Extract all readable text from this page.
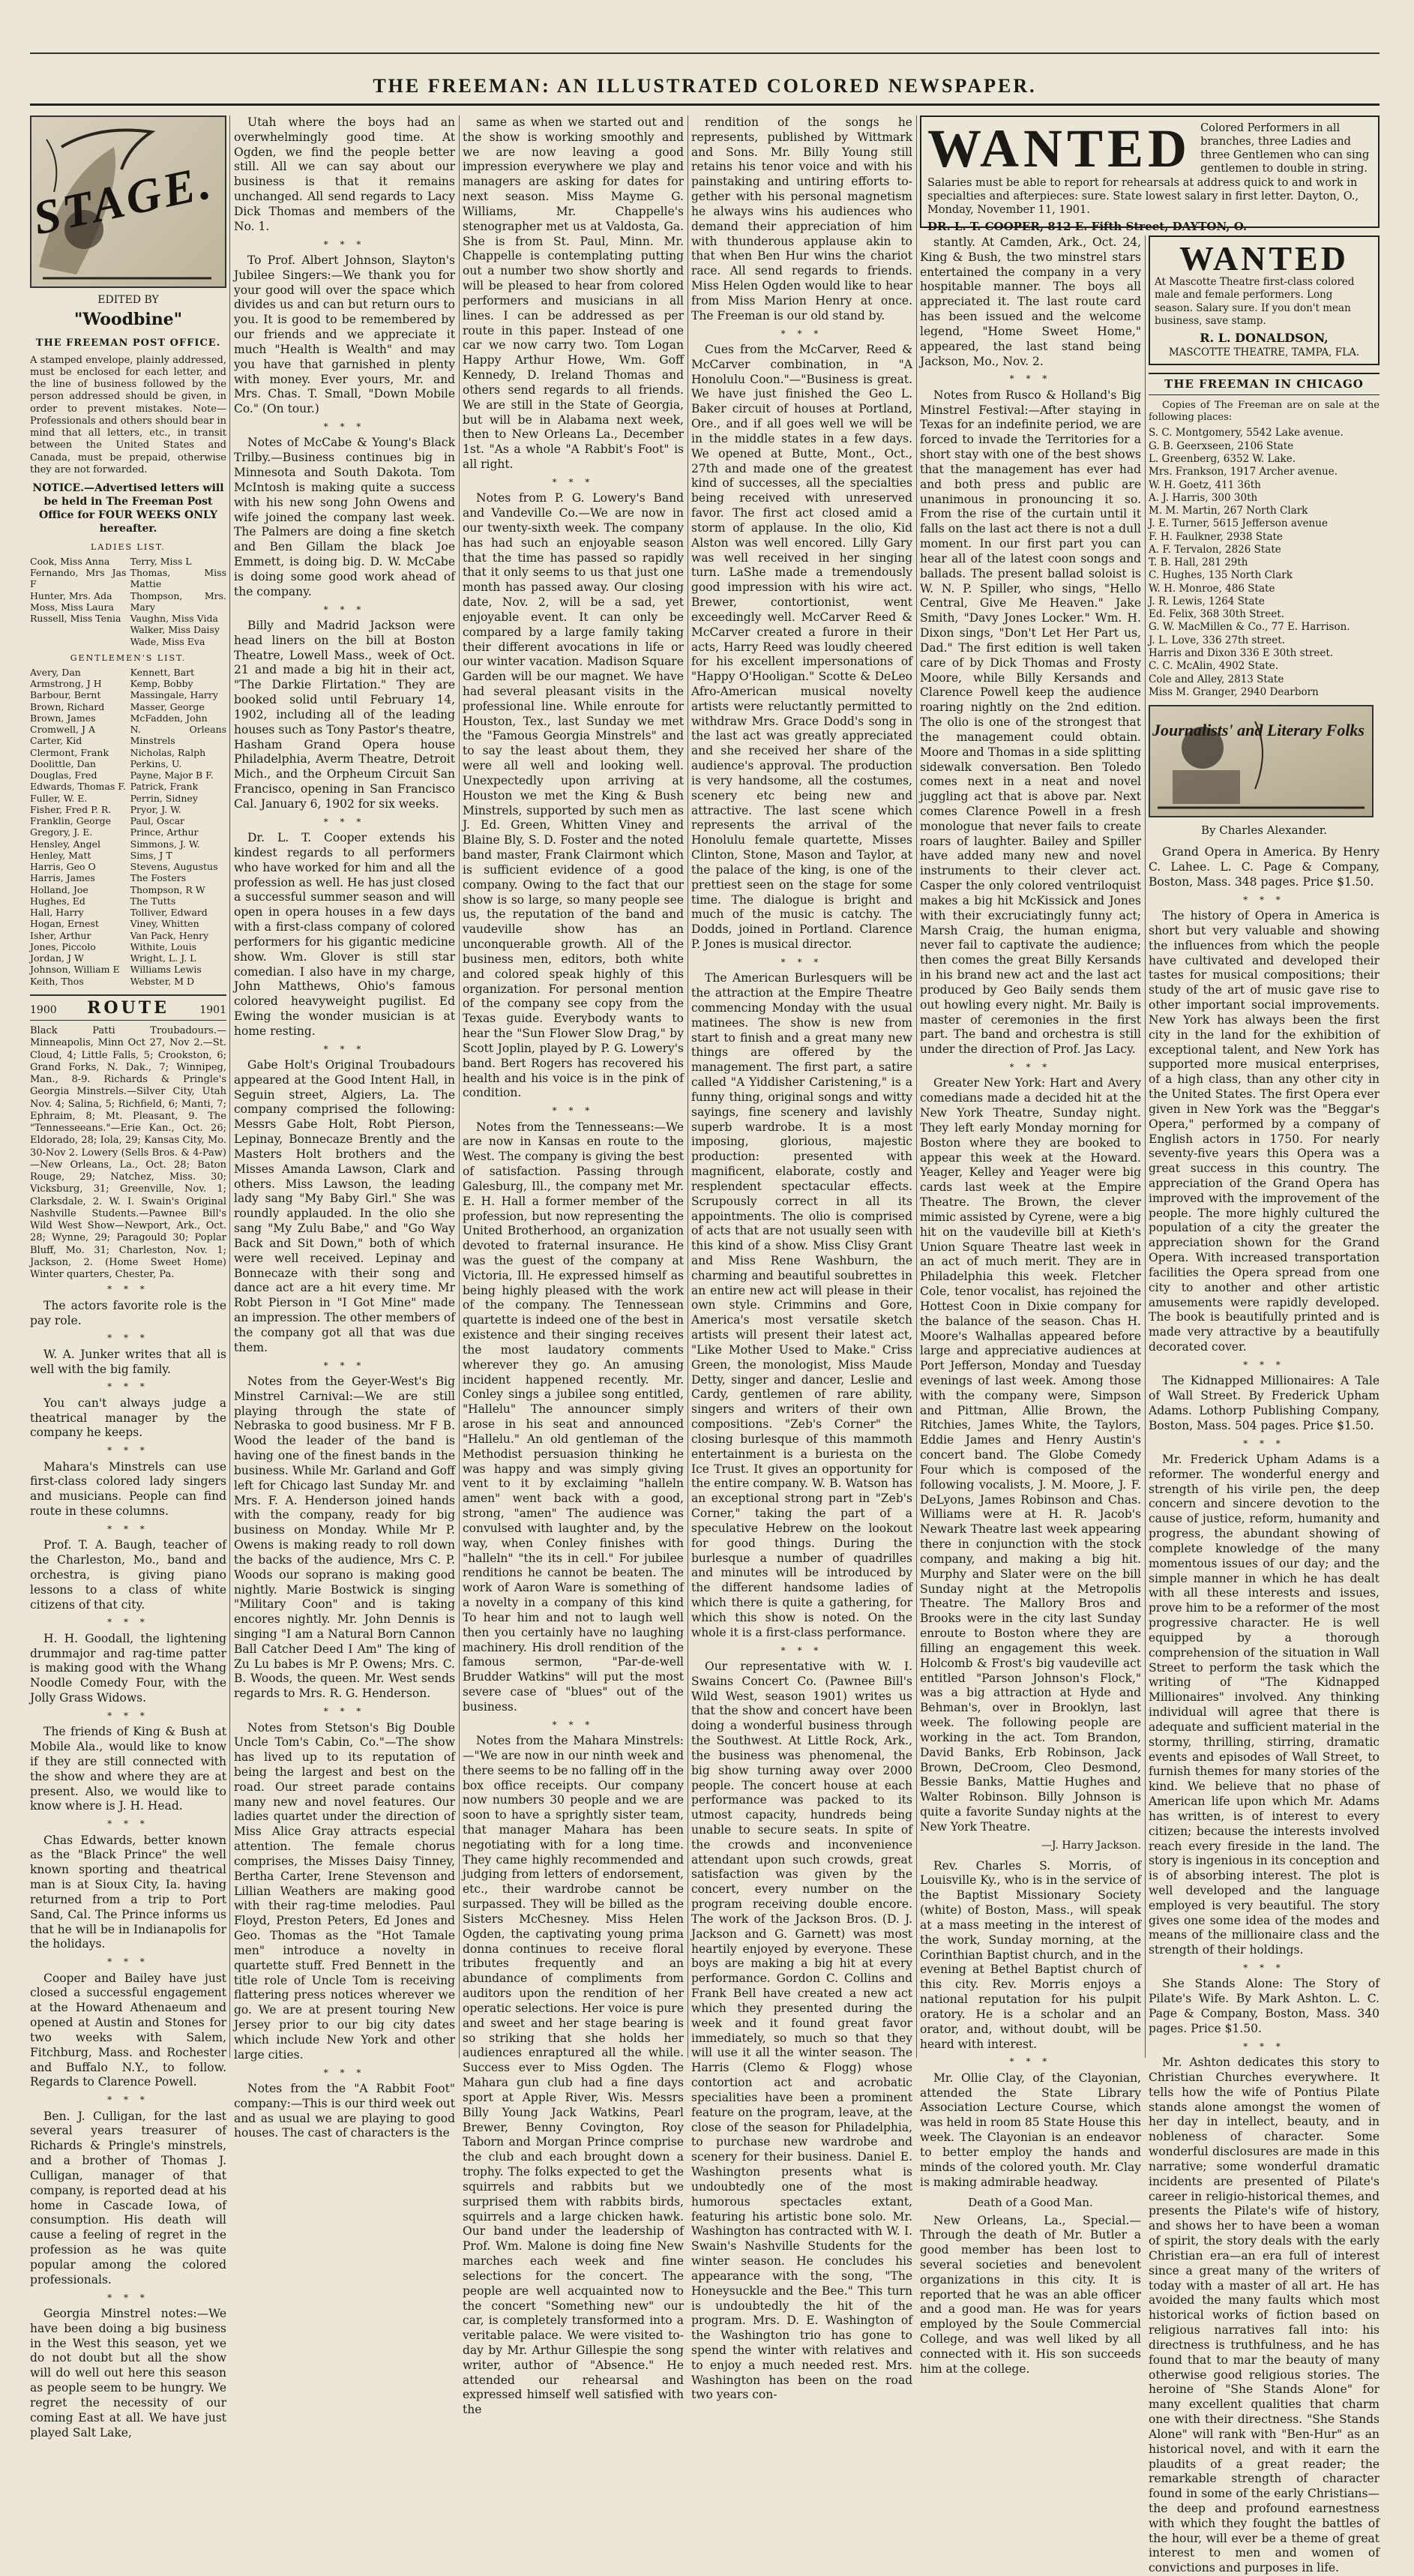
THE FREEMAN: AN ILLUSTRATED COLORED NEWSPAPER.
STAGE.
EDITED BY
"Woodbine"
THE FREEMAN POST OFFICE.
A stamped envelope, plainly addressed, must be enclosed for each letter, and the line of business followed by the person addressed should be given, in order to prevent mistakes. Note—Professionals and others should bear in mind that all letters, etc., in transit between the United States and Canada, must be prepaid, otherwise they are not forwarded.
NOTICE.—Advertised letters will be held in The Freeman Post Office for FOUR WEEKS ONLY hereafter.
LADIES LIST.
Cook, Miss Anna
Fernando, Mrs Jas F
Hunter, Mrs. Ada
Moss, Miss Laura
Russell, Miss Tenia
Terry, Miss L
Thomas, Miss Mattie
Thompson, Mrs. Mary
Vaughn, Miss Vida
Walker, Miss Daisy
Wade, Miss Eva
GENTLEMEN'S LIST.
Avery, Dan
Armstrong, J H
Barbour, Bernt
Brown, Richard
Brown, James
Cromwell, J A
Carter, Kid
Clermont, Frank
Doolittle, Dan
Douglas, Fred
Edwards, Thomas F.
Fuller, W. E.
Fisher, Fred P. R.
Franklin, George
Gregory, J. E.
Hensley, Angel
Henley, Matt
Harris, Geo O
Harris, James
Holland, Joe
Hughes, Ed
Hall, Harry
Hogan, Ernest
Isher, Arthur
Jones, Piccolo
Jordan, J W
Johnson, William E
Keith, Thos
Kennett, Bart
Kemp, Bobby
Massingale, Harry
Masser, George
McFadden, John
N. Orleans Minstrels
Nicholas, Ralph
Perkins, U.
Payne, Major B F.
Patrick, Frank
Perrin, Sidney
Pryor, J. W.
Paul, Oscar
Prince, Arthur
Simmons, J. W.
Sims, J T
Stevens, Augustus
The Fosters
Thompson, R W
The Tutts
Tolliver, Edward
Viney, Whitten
Van Pack, Henry
Withite, Louis
Wright, L. J. L
Williams Lewis
Webster, M D
1900 ROUTE	1901
Black Patti Troubadours.—Minneapolis, Minn Oct 27, Nov 2.—St. Cloud, 4; Little Falls, 5; Crookston, 6; Grand Forks, N. Dak., 7; Winnipeg, Man., 8-9. Richards & Pringle's Georgia Minstrels.—Silver City, Utah Nov. 4; Salina, 5; Richfield, 6; Manti, 7; Ephraim, 8; Mt. Pleasant, 9. The "Tennesseeans."—Erie Kan., Oct. 26; Eldorado, 28; Iola, 29; Kansas City, Mo. 30-Nov 2. Lowery (Sells Bros. & 4-Paw)—New Orleans, La., Oct. 28; Baton Rouge, 29; Natchez, Miss. 30; Vicksburg, 31; Greenville, Nov. 1; Clarksdale, 2. W. I. Swain's Original Nashville Students.—Pawnee Bill's Wild West Show—Newport, Ark., Oct. 28; Wynne, 29; Paragould 30; Poplar Bluff, Mo. 31; Charleston, Nov. 1; Jackson, 2. (Home Sweet Home) Winter quarters, Chester, Pa.
* * *

The actors favorite role is the pay role.

* * *

W. A. Junker writes that all is well with the big family.

* * *

You can't always judge a theatrical manager by the company he keeps.

* * *

Mahara's Minstrels can use first-class colored lady singers and musicians. People can find route in these columns.

* * *

Prof. T. A. Baugh, teacher of the Charleston, Mo., band and orchestra, is giving piano lessons to a class of white citizens of that city.

* * *

H. H. Goodall, the lightening drummajor and rag-time patter is making good with the Whang Noodle Comedy Four, with the Jolly Grass Widows.

* * *

The friends of King & Bush at Mobile Ala., would like to know if they are still connected with the show and where they are at present. Also, we would like to know where is J. H. Head.

* * *

Chas Edwards, better known as the "Black Prince" the well known sporting and theatrical man is at Sioux City, Ia. having returned from a trip to Port Sand, Cal. The Prince informs us that he will be in Indianapolis for the holidays.

* * *

Cooper and Bailey have just closed a successful engagement at the Howard Athenaeum and opened at Austin and Stones for two weeks with Salem, Fitchburg, Mass. and Rochester and Buffalo N.Y., to follow. Regards to Clarence Powell.

* * *

Ben. J. Culligan, for the last several years treasurer of Richards & Pringle's minstrels, and a brother of Thomas J. Culligan, manager of that company, is reported dead at his home in Cascade Iowa, of consumption. His death will cause a feeling of regret in the profession as he was quite popular among the colored professionals.

* * *

Georgia Minstrel notes:—We have been doing a big business in the West this season, yet we do not doubt but all the show will do well out here this season as people seem to be hungry. We regret the necessity of our coming East at all. We have just played Salt Lake,

Utah where the boys had an overwhelmingly good time. At Ogden, we find the people better still. All we can say about our business is that it remains unchanged. All send regards to Lacy Dick Thomas and members of the No. 1.

* * *

To Prof. Albert Johnson, Slayton's Jubilee Singers:—We thank you for your good will over the space which divides us and can but return ours to you. It is good to be remembered by our friends and we appreciate it much "Health is Wealth" and may you have that garnished in plenty with money. Ever yours, Mr. and Mrs. Chas. T. Small, "Down Mobile Co." (On tour.)

* * *

Notes of McCabe & Young's Black Trilby.—Business continues big in Minnesota and South Dakota. Tom McIntosh is making quite a success with his new song John Owens and wife joined the company last week. The Palmers are doing a fine sketch and Ben Gillam the black Joe Emmett, is doing big. D. W. McCabe is doing some good work ahead of the company.

* * *

Billy and Madrid Jackson were head liners on the bill at Boston Theatre, Lowell Mass., week of Oct. 21 and made a big hit in their act, "The Darkie Flirtation." They are booked solid until February 14, 1902, including all of the leading houses such as Tony Pastor's theatre, Hasham Grand Opera house Philadelphia, Averm Theatre, Detroit Mich., and the Orpheum Circuit San Francisco, opening in San Francisco Cal. January 6, 1902 for six weeks.

* * *

Dr. L. T. Cooper extends his kindest regards to all performers who have worked for him and all the profession as well. He has just closed a successful summer season and will open in opera houses in a few days with a first-class company of colored performers for his gigantic medicine show. Wm. Glover is still star comedian. I also have in my charge, John Matthews, Ohio's famous colored heavyweight pugilist. Ed Ewing the wonder musician is at home resting.

* * *

Gabe Holt's Original Troubadours appeared at the Good Intent Hall, in Seguin street, Algiers, La. The company comprised the following: Messrs Gabe Holt, Robt Pierson, Lepinay, Bonnecaze Brently and the Masters Holt brothers and the Misses Amanda Lawson, Clark and others. Miss Lawson, the leading lady sang "My Baby Girl." She was roundly applauded. In the olio she sang "My Zulu Babe," and "Go Way Back and Sit Down," both of which were well received. Lepinay and Bonnecaze with their song and dance act are a hit every time. Mr Robt Pierson in "I Got Mine" made an impression. The other members of the company got all that was due them.

* * *

Notes from the Geyer-West's Big Minstrel Carnival:—We are still playing through the state of Nebraska to good business. Mr F B. Wood the leader of the band is having one of the finest bands in the business. While Mr. Garland and Goff left for Chicago last Sunday Mr. and Mrs. F. A. Henderson joined hands with the company, ready for big business on Monday. While Mr P. Owens is making ready to roll down the backs of the audience, Mrs C. P. Woods our soprano is making good nightly. Marie Bostwick is singing "Military Coon" and is taking encores nightly. Mr. John Dennis is singing "I am a Natural Born Cannon Ball Catcher Deed I Am" The king of Zu Lu babes is Mr P. Owens; Mrs. C. B. Woods, the queen. Mr. West sends regards to Mrs. R. G. Henderson.

* * *

Notes from Stetson's Big Double Uncle Tom's Cabin, Co."—The show has lived up to its reputation of being the largest and best on the road. Our street parade contains many new and novel features. Our ladies quartet under the direction of Miss Alice Gray attracts especial attention. The female chorus comprises, the Misses Daisy Tinney, Bertha Carter, Irene Stevenson and Lillian Weathers are making good with their rag-time melodies. Paul Floyd, Preston Peters, Ed Jones and Geo. Thomas as the "Hot Tamale men" introduce a novelty in quartette stuff. Fred Bennett in the title role of Uncle Tom is receiving flattering press notices wherever we go. We are at present touring New Jersey prior to our big city dates which include New York and other large cities.

* * *

Notes from the "A Rabbit Foot" company:—This is our third week out and as usual we are playing to good houses. The cast of characters is the

same as when we started out and the show is working smoothly and we are now leaving a good impression everywhere we play and managers are asking for dates for next season. Miss Mayme G. Williams, Mr. Chappelle's stenographer met us at Valdosta, Ga. She is from St. Paul, Minn. Mr. Chappelle is contemplating putting out a number two show shortly and will be pleased to hear from colored performers and musicians in all lines. I can be addressed as per route in this paper. Instead of one car we now carry two. Tom Logan Happy Arthur Howe, Wm. Goff Kennedy, D. Ireland Thomas and others send regards to all friends. We are still in the State of Georgia, but will be in Alabama next week, then to New Orleans La., December 1st. "As a whole "A Rabbit's Foot" is all right.

* * *

Notes from P. G. Lowery's Band and Vandeville Co.—We are now in our twenty-sixth week. The company has had such an enjoyable season that the time has passed so rapidly that it only seems to us that just one month has passed away. Our closing date, Nov. 2, will be a sad, yet enjoyable event. It can only be compared by a large family taking their different avocations in life or our winter vacation. Madison Square Garden will be our magnet. We have had several pleasant visits in the professional line. While enroute for Houston, Tex., last Sunday we met the "Famous Georgia Minstrels" and to say the least about them, they were all well and looking well. Unexpectedly upon arriving at Houston we met the King & Bush Minstrels, supported by such men as J. Ed. Green, Whitten Viney and Blaine Bly, S. D. Foster and the noted band master, Frank Clairmont which is sufficient evidence of a good company. Owing to the fact that our show is so large, so many people see us, the reputation of the band and vaudeville show has an unconquerable growth. All of the business men, editors, both white and colored speak highly of this organization. For personal mention of the company see copy from the Texas guide. Everybody wants to hear the "Sun Flower Slow Drag," by Scott Joplin, played by P. G. Lowery's band. Bert Rogers has recovered his health and his voice is in the pink of condition.

* * *

Notes from the Tennesseans:—We are now in Kansas en route to the West. The company is giving the best of satisfaction. Passing through Galesburg, Ill., the company met Mr. E. H. Hall a former member of the profession, but now representing the United Brotherhood, an organization devoted to fraternal insurance. He was the guest of the company at Victoria, Ill. He expressed himself as being highly pleased with the work of the company. The Tennessean quartette is indeed one of the best in existence and their singing receives the most laudatory comments wherever they go. An amusing incident happened recently. Mr. Conley sings a jubilee song entitled, "Hallelu" The announcer simply arose in his seat and announced "Hallelu." An old gentleman of the Methodist persuasion thinking he was happy and was simply giving vent to it by exclaiming "halleln amen" went back with a good, strong, "amen" The audience was convulsed with laughter and, by the way, when Conley finishes with "halleln" "the its in cell." For jubilee renditions he cannot be beaten. The work of Aaron Ware is something of a novelty in a company of this kind To hear him and not to laugh well then you certainly have no laughing machinery. His droll rendition of the famous sermon, "Par-de-well Brudder Watkins" will put the most severe case of "blues" out of the business.

* * *

Notes from the Mahara Minstrels:—"We are now in our ninth week and there seems to be no falling off in the box office receipts. Our company now numbers 30 people and we are soon to have a sprightly sister team, that manager Mahara has been negotiating with for a long time. They came highly recommended and judging from letters of endorsement, etc., their wardrobe cannot be surpassed. They will be billed as the Sisters McChesney. Miss Helen Ogden, the captivating young prima donna continues to receive floral tributes frequently and an abundance of compliments from auditors upon the rendition of her operatic selections. Her voice is pure and sweet and her stage bearing is so striking that she holds her audiences enraptured all the while. Success ever to Miss Ogden. The Mahara gun club had a fine days sport at Apple River, Wis. Messrs Billy Young Jack Watkins, Pearl Brewer, Benny Covington, Roy Taborn and Morgan Prince comprise the club and each brought down a trophy. The folks expected to get the squirrels and rabbits but we surprised them with rabbits birds, squirrels and a large chicken hawk. Our band under the leadership of Prof. Wm. Malone is doing fine New marches each week and fine selections for the concert. The people are well acquainted now to the concert "Something new" our car, is completely transformed into a veritable palace. We were visited to-day by Mr. Arthur Gillespie the song writer, author of "Absence." He attended our rehearsal and expressed himself well satisfied with the

rendition of the songs he represents, published by Wittmark and Sons. Mr. Billy Young still retains his tenor voice and with his painstaking and untiring efforts to-gether with his personal magnetism he always wins his audiences who demand their appreciation of him with thunderous applause akin to that when Ben Hur wins the chariot race. All send regards to friends. Miss Helen Ogden would like to hear from Miss Marion Henry at once. The Freeman is our old stand by.

* * *

Cues from the McCarver, Reed & McCarver combination, in "A Honolulu Coon."—"Business is great. We have just finished the Geo L. Baker circuit of houses at Portland, Ore., and if all goes well we will be in the middle states in a few days. We opened at Butte, Mont., Oct., 27th and made one of the greatest kind of successes, all the specialties being received with unreserved favor. The first act closed amid a storm of applause. In the olio, Kid Alston was well encored. Lilly Gary was well received in her singing turn. LaShe made a tremendously good impression with his wire act. Brewer, contortionist, went exceedingly well. McCarver Reed & McCarver created a furore in their acts, Harry Reed was loudly cheered for his excellent impersonations of "Happy O'Hooligan." Scotte & DeLeo Afro-American musical novelty artists were reluctantly permitted to withdraw Mrs. Grace Dodd's song in the last act was greatly appreciated and she received her share of the audience's approval. The production is very handsome, all the costumes, scenery etc being new and attractive. The last scene which represents the arrival of the Honolulu female quartette, Misses Clinton, Stone, Mason and Taylor, at the palace of the king, is one of the prettiest seen on the stage for some time. The dialogue is bright and much of the music is catchy. The Dodds, joined in Portland. Clarence P. Jones is musical director.

* * *

The American Burlesquers will be the attraction at the Empire Theatre commencing Monday with the usual matinees. The show is new from start to finish and a great many new things are offered by the management. The first part, a satire called "A Yiddisher Caristening," is a funny thing, original songs and witty sayings, fine scenery and lavishly superb wardrobe. It is a most imposing, glorious, majestic production: presented with magnificent, elaborate, costly and resplendent spectacular effects. Scrupously correct in all its appointments. The olio is comprised of acts that are not usually seen with this kind of a show. Miss Clisy Grant and Miss Rene Washburn, the charming and beautiful soubrettes in an entire new act will please in their own style. Crimmins and Gore, America's most versatile sketch artists will present their latest act, "Like Mother Used to Make." Criss Green, the monologist, Miss Maude Detty, singer and dancer, Leslie and Cardy, gentlemen of rare ability, singers and writers of their own compositions. "Zeb's Corner" the closing burlesque of this mammoth entertainment is a buriesta on the Ice Trust. It gives an opportunity for the entire company. W. B. Watson has an exceptional strong part in "Zeb's Corner," taking the part of a speculative Hebrew on the lookout for good things. During the burlesque a number of quadrilles and minutes will be introduced by the different handsome ladies of which there is quite a gathering, for which this show is noted. On the whole it is a first-class performance.

* * *

Our representative with W. I. Swains Concert Co. (Pawnee Bill's Wild West, season 1901) writes us that the show and concert have been doing a wonderful business through the Southwest. At Little Rock, Ark., the business was phenomenal, the big show turning away over 2000 people. The concert house at each performance was packed to its utmost capacity, hundreds being unable to secure seats. In spite of the crowds and inconvenience attendant upon such crowds, great satisfaction was given by the concert, every number on the program receiving double encore. The work of the Jackson Bros. (D. J. Jackson and G. Garnett) was most heartily enjoyed by everyone. These boys are making a big hit at every performance. Gordon C. Collins and Frank Bell have created a new act which they presented during the week and it found great favor immediately, so much so that they will use it all the winter season. The Harris (Clemo & Flogg) whose contortion act and acrobatic specialities have been a prominent feature on the program, leave, at the close of the season for Philadelphia, to purchase new wardrobe and scenery for their business. Daniel E. Washington presents what is undoubtedly one of the most humorous spectacles extant, featuring his artistic bone solo. Mr. Washington has contracted with W. I. Swain's Nashville Students for the winter season. He concludes his appearance with the song, "The Honeysuckle and the Bee." This turn is undoubtedly the hit of the program. Mrs. D. E. Washington of the Washington trio has gone to spend the winter with relatives and to enjoy a much needed rest. Mrs. Washington has been on the road two years con-

WANTED Colored Performers in all branches, three Ladies and three Gentlemen who can sing gentlemen to double in string. Salaries must be able to report for rehearsals at address quick to and work in specialties and afterpieces: sure. State lowest salary in first letter. Dayton, O., Monday, November 11, 1901.
DR. L. T. COOPER, 812 E. Fifth Street, DAYTON, O.

stantly. At Camden, Ark., Oct. 24, King & Bush, the two minstrel stars entertained the company in a very hospitable manner. The boys all appreciated it. The last route card has been issued and the welcome legend, "Home Sweet Home," appeared, the last stand being Jackson, Mo., Nov. 2.

* * *

Notes from Rusco & Holland's Big Minstrel Festival:—After staying in Texas for an indefinite period, we are forced to invade the Territories for a short stay with one of the best shows that the management has ever had and both press and public are unanimous in pronouncing it so. From the rise of the curtain until it falls on the last act there is not a dull moment. In our first part you can hear all of the latest coon songs and ballads. The present ballad soloist is W. N. P. Spiller, who sings, "Hello Central, Give Me Heaven." Jake Smith, "Davy Jones Locker." Wm. H. Dixon sings, "Don't Let Her Part us, Dad." The first edition is well taken care of by Dick Thomas and Frosty Moore, while Billy Kersands and Clarence Powell keep the audience roaring nightly on the 2nd edition. The olio is one of the strongest that the management could obtain. Moore and Thomas in a side splitting sidewalk conversation. Ben Toledo comes next in a neat and novel juggling act that is above par. Next comes Clarence Powell in a fresh monologue that never fails to create roars of laughter. Bailey and Spiller have added many new and novel instruments to their clever act. Casper the only colored ventriloquist makes a big hit McKissick and Jones with their excruciatingly funny act; Marsh Craig, the human enigma, never fail to captivate the audience; then comes the great Billy Kersands in his brand new act and the last act produced by Geo Baily sends them out howling every night. Mr. Baily is master of ceremonies in the first part. The band and orchestra is still under the direction of Prof. Jas Lacy.

* * *

Greater New York: Hart and Avery comedians made a decided hit at the New York Theatre, Sunday night. They left early Monday morning for Boston where they are booked to appear this week at the Howard. Yeager, Kelley and Yeager were big cards last week at the Empire Theatre. The Brown, the clever mimic assisted by Cyrene, were a big hit on the vaudeville bill at Kieth's Union Square Theatre last week in an act of much merit. They are in Philadelphia this week. Fletcher Cole, tenor vocalist, has rejoined the Hottest Coon in Dixie company for the balance of the season. Chas H. Moore's Walhallas appeared before large and appreciative audiences at Port Jefferson, Monday and Tuesday evenings of last week. Among those with the company were, Simpson and Pittman, Allie Brown, the Ritchies, James White, the Taylors, Eddie James and Henry Austin's concert band. The Globe Comedy Four which is composed of the following vocalists, J. M. Moore, J. F. DeLyons, James Robinson and Chas. Williams were at H. R. Jacob's Newark Theatre last week appearing there in conjunction with the stock company, and making a big hit. Murphy and Slater were on the bill Sunday night at the Metropolis Theatre. The Mallory Bros and Brooks were in the city last Sunday enroute to Boston where they are filling an engagement this week. Holcomb & Frost's big vaudeville act entitled "Parson Johnson's Flock," was a big attraction at Hyde and Behman's, over in Brooklyn, last week. The following people are working in the act. Tom Brandon, David Banks, Erb Robinson, Jack Brown, DeCroom, Cleo Desmond, Bessie Banks, Mattie Hughes and Walter Robinson. Billy Johnson is quite a favorite Sunday nights at the New York Theatre.

—J. Harry Jackson.

Rev. Charles S. Morris, of Louisville Ky., who is in the service of the Baptist Missionary Society (white) of Boston, Mass., will speak at a mass meeting in the interest of the work, Sunday morning, at the Corinthian Baptist church, and in the evening at Bethel Baptist church of this city. Rev. Morris enjoys a national reputation for his pulpit oratory. He is a scholar and an orator, and, without doubt, will be heard with interest.

* * *

Mr. Ollie Clay, of the Clayonian, attended the State Library Association Lecture Course, which was held in room 85 State House this week. The Clayonian is an endeavor to better employ the hands and minds of the colored youth. Mr. Clay is making admirable headway.

Death of a Good Man.

New Orleans, La., Special.—Through the death of Mr. Butler a good member has been lost to several societies and benevolent organizations in this city. It is reported that he was an able officer and a good man. He was for years employed by the Soule Commercial College, and was well liked by all connected with it. His son succeeds him at the college.

WANTED
At Mascotte Theatre first-class colored male and female performers. Long season. Salary sure. If you don't mean business, save stamp.
R. L. DONALDSON,
MASCOTTE THEATRE, TAMPA, FLA.
THE FREEMAN IN CHICAGO
Copies of The Freeman are on sale at the following places:
S. C. Montgomery, 5542 Lake avenue.
G. B. Geerxseen, 2106 State
L. Greenberg, 6352 W. Lake.
Mrs. Frankson, 1917 Archer avenue.
W. H. Goetz, 411 36th
A. J. Harris, 300 30th
M. M. Martin, 267 North Clark
J. E. Turner, 5615 Jefferson avenue
F. H. Faulkner, 2938 State
A. F. Tervalon, 2826 State
T. B. Hall, 281 29th
C. Hughes, 135 North Clark
W. H. Monroe, 486 State
J. R. Lewis, 1264 State
Ed. Felix, 368 30th Street.
G. W. MacMillen & Co., 77 E. Harrison.
J. L. Love, 336 27th street.
Harris and Dixon 336 E 30th street.
C. C. McAlin, 4902 State.
Cole and Alley, 2813 State
Miss M. Granger, 2940 Dearborn
Journalists' and Literary Folks
By Charles Alexander.

Grand Opera in America. By Henry C. Lahee. L. C. Page & Company, Boston, Mass. 348 pages. Price $1.50.

* * *

The history of Opera in America is short but very valuable and showing the influences from which the people have cultivated and developed their tastes for musical compositions; their study of the art of music gave rise to other important social improvements. New York has always been the first city in the land for the exhibition of exceptional talent, and New York has supported more musical enterprises, of a high class, than any other city in the United States. The first Opera ever given in New York was the "Beggar's Opera," performed by a company of English actors in 1750. For nearly seventy-five years this Opera was a great success in this country. The appreciation of the Grand Opera has improved with the improvement of the people. The more highly cultured the population of a city the greater the appreciation shown for the Grand Opera. With increased transportation facilities the Opera spread from one city to another and other artistic amusements were rapidly developed. The book is beautifully printed and is made very attractive by a beautifully decorated cover.

* * *

The Kidnapped Millionaires: A Tale of Wall Street. By Frederick Upham Adams. Lothorp Publishing Company, Boston, Mass. 504 pages. Price $1.50.

* * *

Mr. Frederick Upham Adams is a reformer. The wonderful energy and strength of his virile pen, the deep concern and sincere devotion to the cause of justice, reform, humanity and progress, the abundant showing of complete knowledge of the many momentous issues of our day; and the simple manner in which he has dealt with all these interests and issues, prove him to be a reformer of the most progressive character. He is well equipped by a thorough comprehension of the situation in Wall Street to perform the task which the writing of "The Kidnapped Millionaires" involved. Any thinking individual will agree that there is adequate and sufficient material in the stormy, thrilling, stirring, dramatic events and episodes of Wall Street, to furnish themes for many stories of the kind. We believe that no phase of American life upon which Mr. Adams has written, is of interest to every citizen; because the interests involved reach every fireside in the land. The story is ingenious in its conception and is of absorbing interest. The plot is well developed and the language employed is very beautiful. The story gives one some idea of the modes and means of the millionaire class and the strength of their holdings.

* * *

She Stands Alone: The Story of Pilate's Wife. By Mark Ashton. L. C. Page & Company, Boston, Mass. 340 pages. Price $1.50.

* * *

Mr. Ashton dedicates this story to Christian Churches everywhere. It tells how the wife of Pontius Pilate stands alone amongst the women of her day in intellect, beauty, and in nobleness of character. Some wonderful disclosures are made in this narrative; some wonderful dramatic incidents are presented of Pilate's career in religio-historical themes, and presents the Pilate's wife of history, and shows her to have been a woman of spirit, the story deals with the early Christian era—an era full of interest since a great many of the writers of today with a master of all art. He has avoided the many faults which most historical works of fiction based on religious narratives fall into: his directness is truthfulness, and he has found that to mar the beauty of many otherwise good religious stories. The heroine of "She Stands Alone" for many excellent qualities that charm one with their directness. "She Stands Alone" will rank with "Ben-Hur" as an historical novel, and with it earn the plaudits of a great reader; the remarkable strength of character found in some of the early Christians—the deep and profound earnestness with which they fought the battles of the hour, will ever be a theme of great interest to men and women of convictions and purposes in life.
